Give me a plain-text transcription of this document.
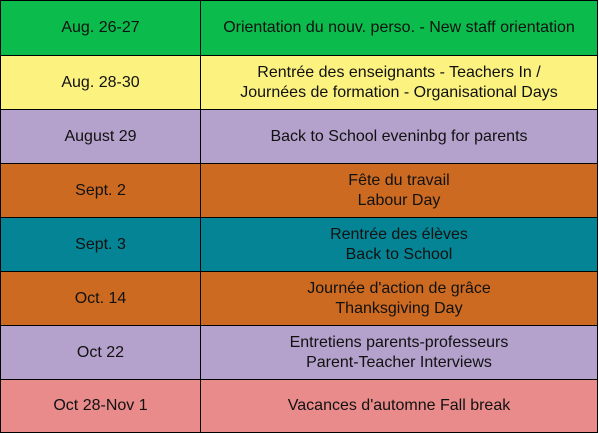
Aug. 26-27	Orientation du nouv. perso. - New staff orientation

Aug. 28-30	Rentrée des enseignants - Teachers In /
Journées de formation - Organisational Days

August 29	Back to School eveninbg for parents

Sept. 2	Fête du travail
Labour Day

Sept. 3	Rentrée des élèves
Back to School

Oct. 14	Journée d'action de grâce
Thanksgiving Day

Oct 22	Entretiens parents-professeurs
Parent-Teacher Interviews

Oct 28-Nov 1	Vacances d'automne Fall break
